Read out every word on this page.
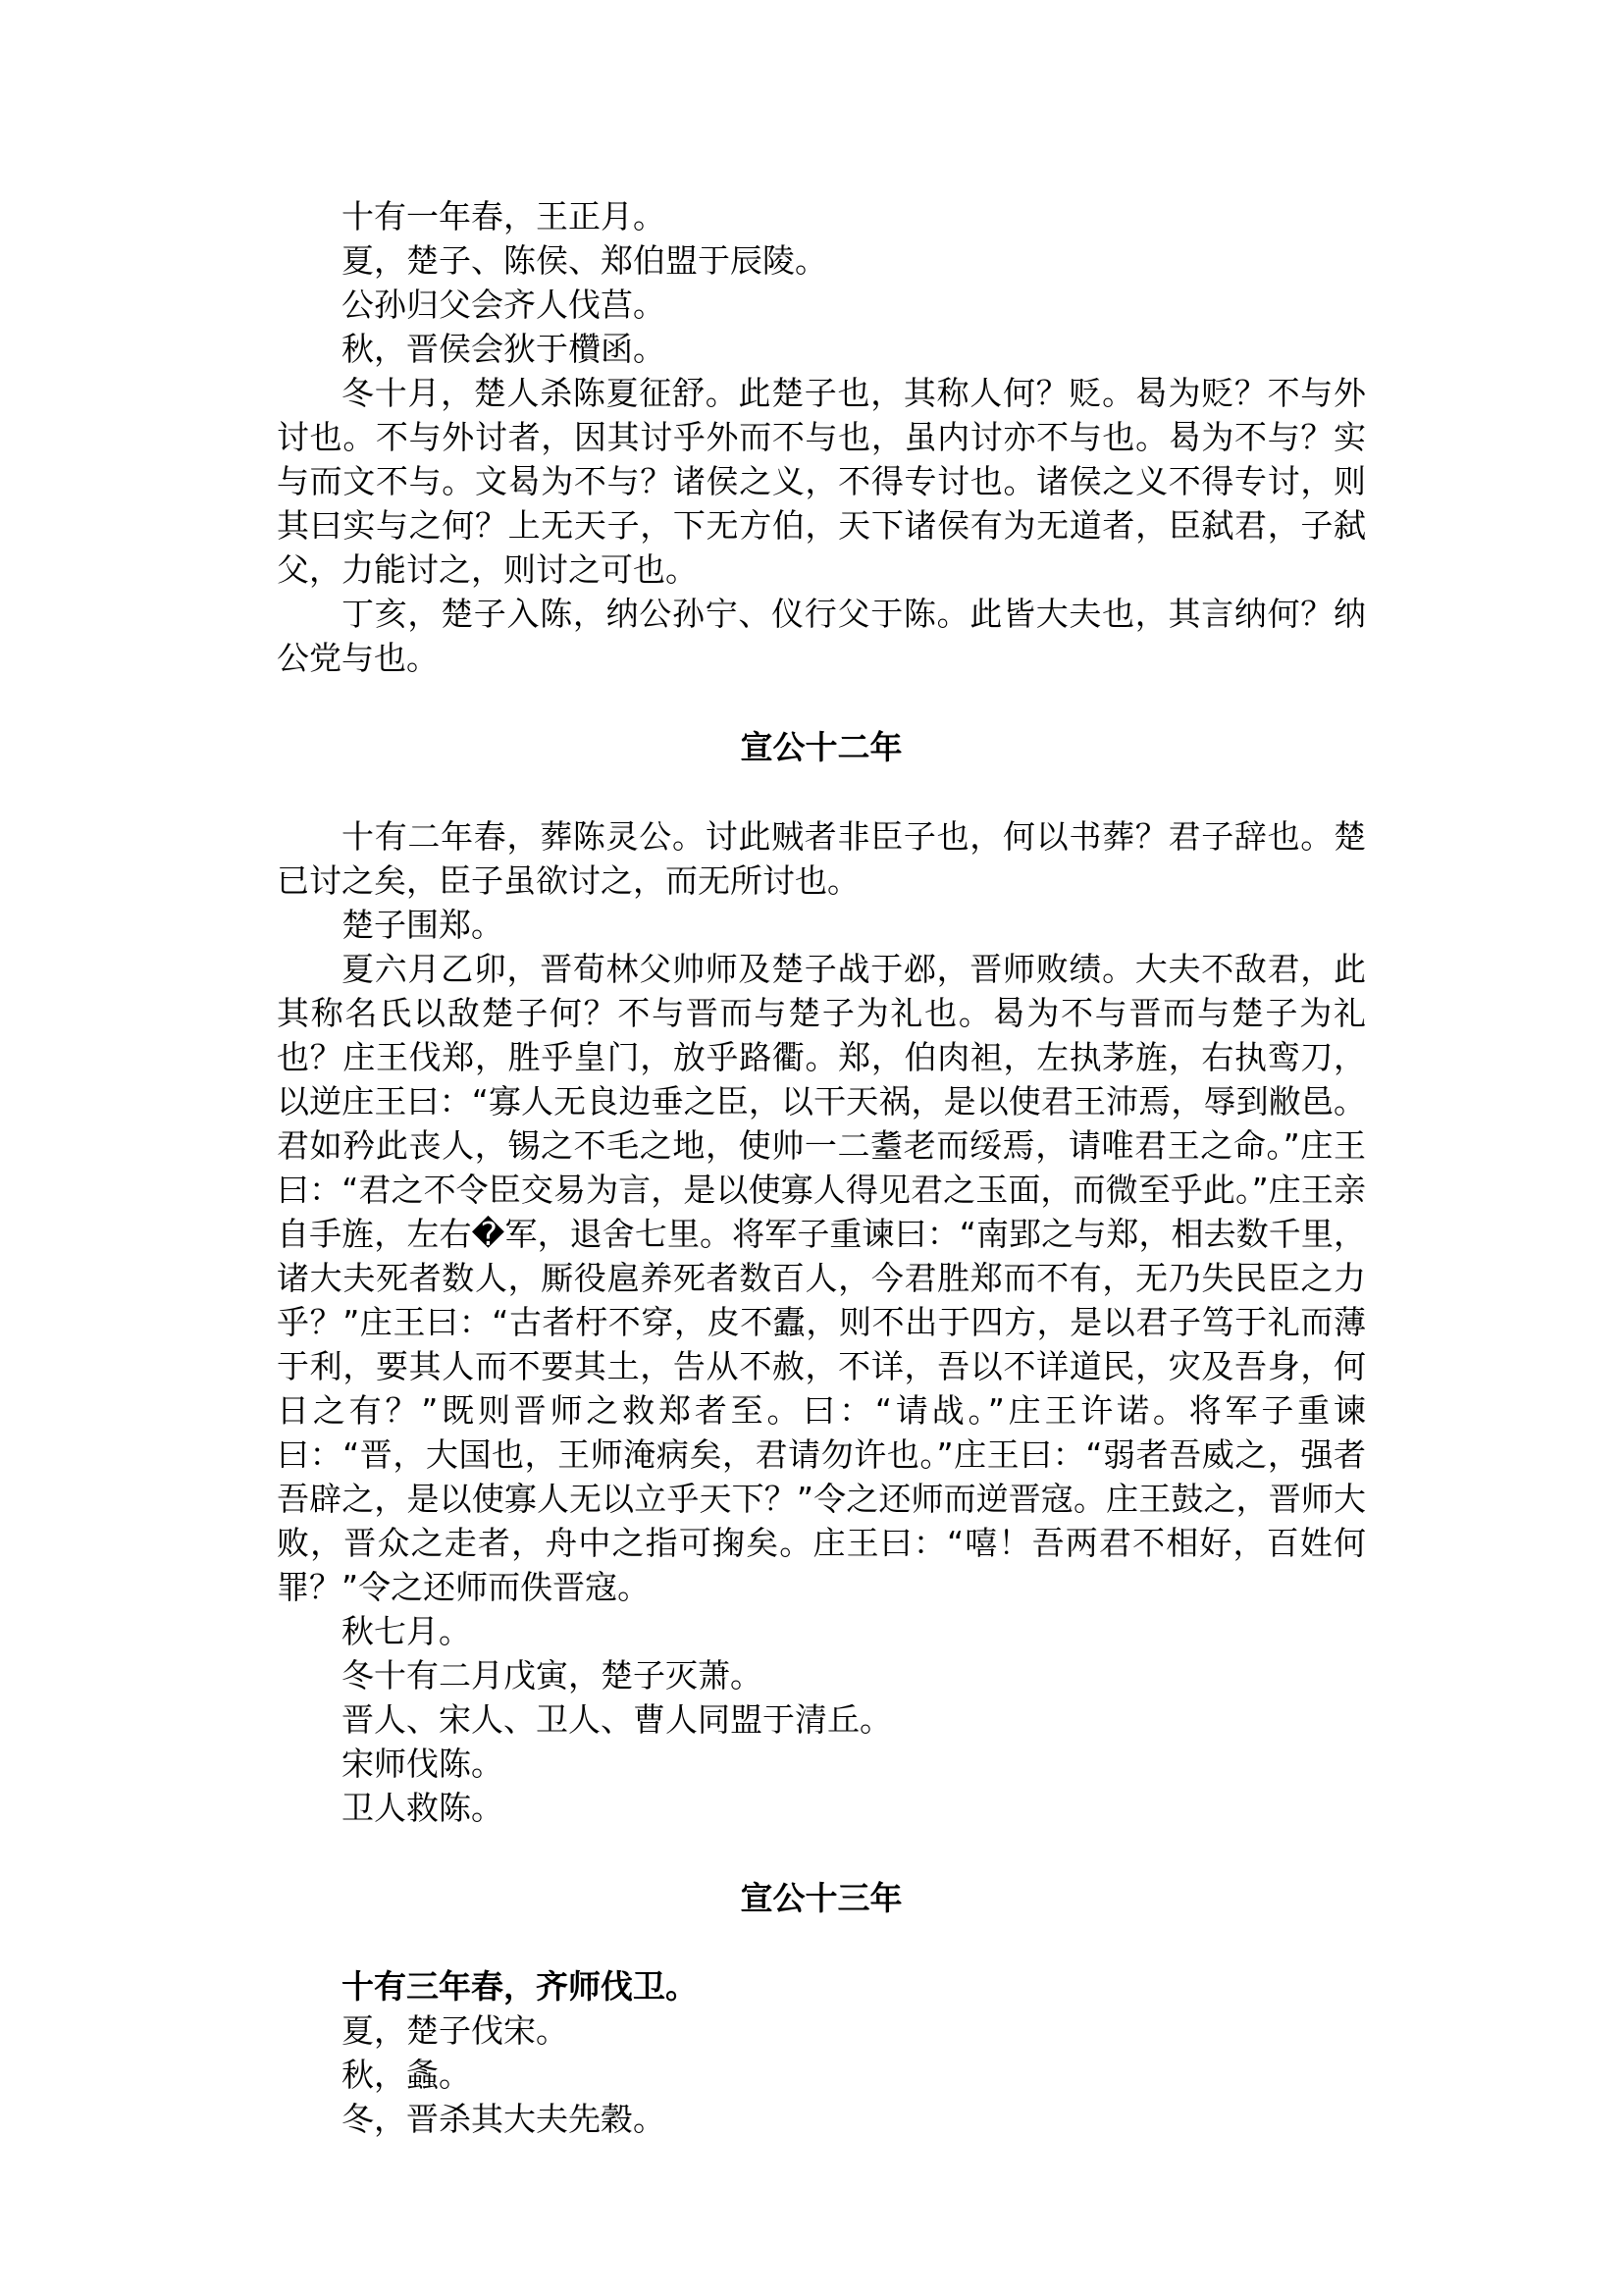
十有一年春，王正月。

夏，楚子、陈侯、郑伯盟于辰陵。

公孙归父会齐人伐莒。

秋，晋侯会狄于欑函。

冬十月，楚人杀陈夏征舒。此楚子也，其称人何？贬。曷为贬？不与外讨也。不与外讨者，因其讨乎外而不与也，虽内讨亦不与也。曷为不与？实与而文不与。文曷为不与？诸侯之义，不得专讨也。诸侯之义不得专讨，则其曰实与之何？上无天子，下无方伯，天下诸侯有为无道者，臣弑君，子弑父，力能讨之，则讨之可也。

丁亥，楚子入陈，纳公孙宁、仪行父于陈。此皆大夫也，其言纳何？纳公党与也。

宣公十二年

十有二年春，葬陈灵公。讨此贼者非臣子也，何以书葬？君子辞也。楚已讨之矣，臣子虽欲讨之，而无所讨也。

楚子围郑。

夏六月乙卯，晋荀林父帅师及楚子战于邲，晋师败绩。大夫不敌君，此其称名氏以敌楚子何？不与晋而与楚子为礼也。曷为不与晋而与楚子为礼也？庄王伐郑，胜乎皇门，放乎路衢。郑，伯肉袒，左执茅旌，右执鸾刀，以逆庄王曰：“寡人无良边垂之臣，以干天祸，是以使君王沛焉，辱到敝邑。君如矜此丧人，锡之不毛之地，使帅一二耋老而绥焉，请唯君王之命。”庄王曰：“君之不令臣交易为言，是以使寡人得见君之玉面，而微至乎此。”庄王亲自手旌，左右�军，退舍七里。将军子重谏曰：“南郢之与郑，相去数千里，诸大夫死者数人，厮役扈养死者数百人，今君胜郑而不有，无乃失民臣之力乎？”庄王曰：“古者杅不穿，皮不蠹，则不出于四方，是以君子笃于礼而薄于利，要其人而不要其土，告从不赦，不详，吾以不详道民，灾及吾身，何日之有？”既则晋师之救郑者至。曰：“请战。”庄王许诺。将军子重谏曰：“晋，大国也，王师淹病矣，君请勿许也。”庄王曰：“弱者吾威之，强者吾辟之，是以使寡人无以立乎天下？”令之还师而逆晋寇。庄王鼓之，晋师大败，晋众之走者，舟中之指可掬矣。庄王曰：“嘻！吾两君不相好，百姓何罪？”令之还师而佚晋寇。

秋七月。

冬十有二月戊寅，楚子灭萧。

晋人、宋人、卫人、曹人同盟于清丘。

宋师伐陈。

卫人救陈。

宣公十三年

十有三年春，齐师伐卫。

夏，楚子伐宋。

秋，螽。

冬，晋杀其大夫先穀。
